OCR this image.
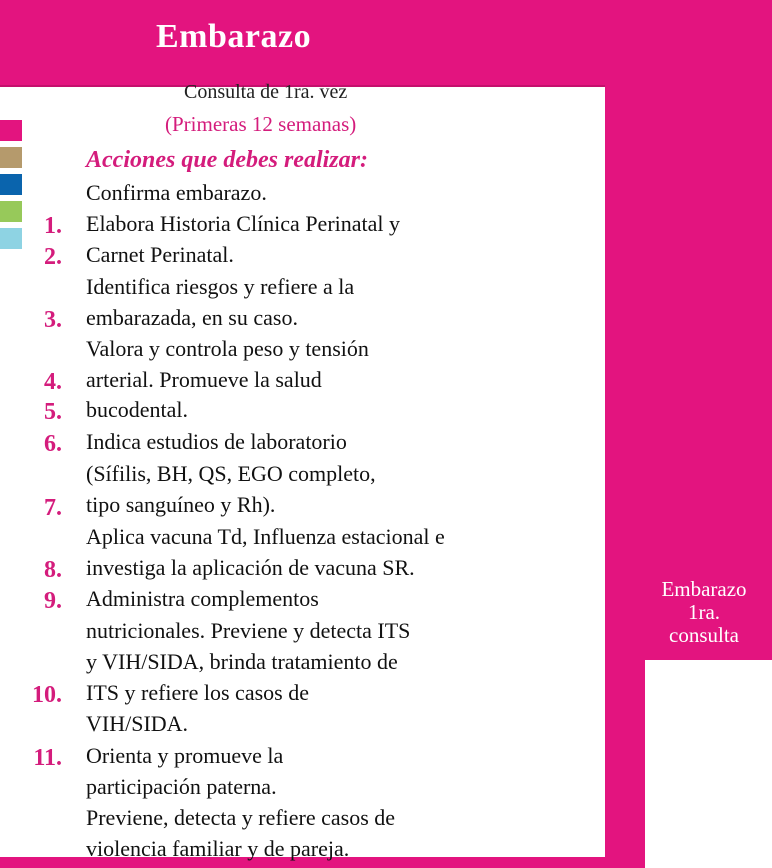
Embarazo
Consulta de 1ra. vez
(Primeras 12 semanas)
Acciones que debes realizar:
1.
2.
3.
4.
5.
6.
7.
8.
9.
10.
11.
Confirma embarazo.
Elabora Historia Clínica Perinatal y
Carnet Perinatal.
Identifica riesgos y refiere a la
embarazada, en su caso.
Valora y controla peso y tensión
arterial. Promueve la salud
bucodental.
Indica estudios de laboratorio
(Sífilis, BH, QS, EGO completo,
tipo sanguíneo y Rh).
Aplica vacuna Td, Influenza estacional e
investiga la aplicación de vacuna SR.
Administra complementos
nutricionales. Previene y detecta ITS
y VIH/SIDA, brinda tratamiento de
ITS y refiere los casos de
VIH/SIDA.
Orienta y promueve la
participación paterna.
Previene, detecta y refiere casos de
violencia familiar y de pareja.
Embarazo
1ra.
consulta
